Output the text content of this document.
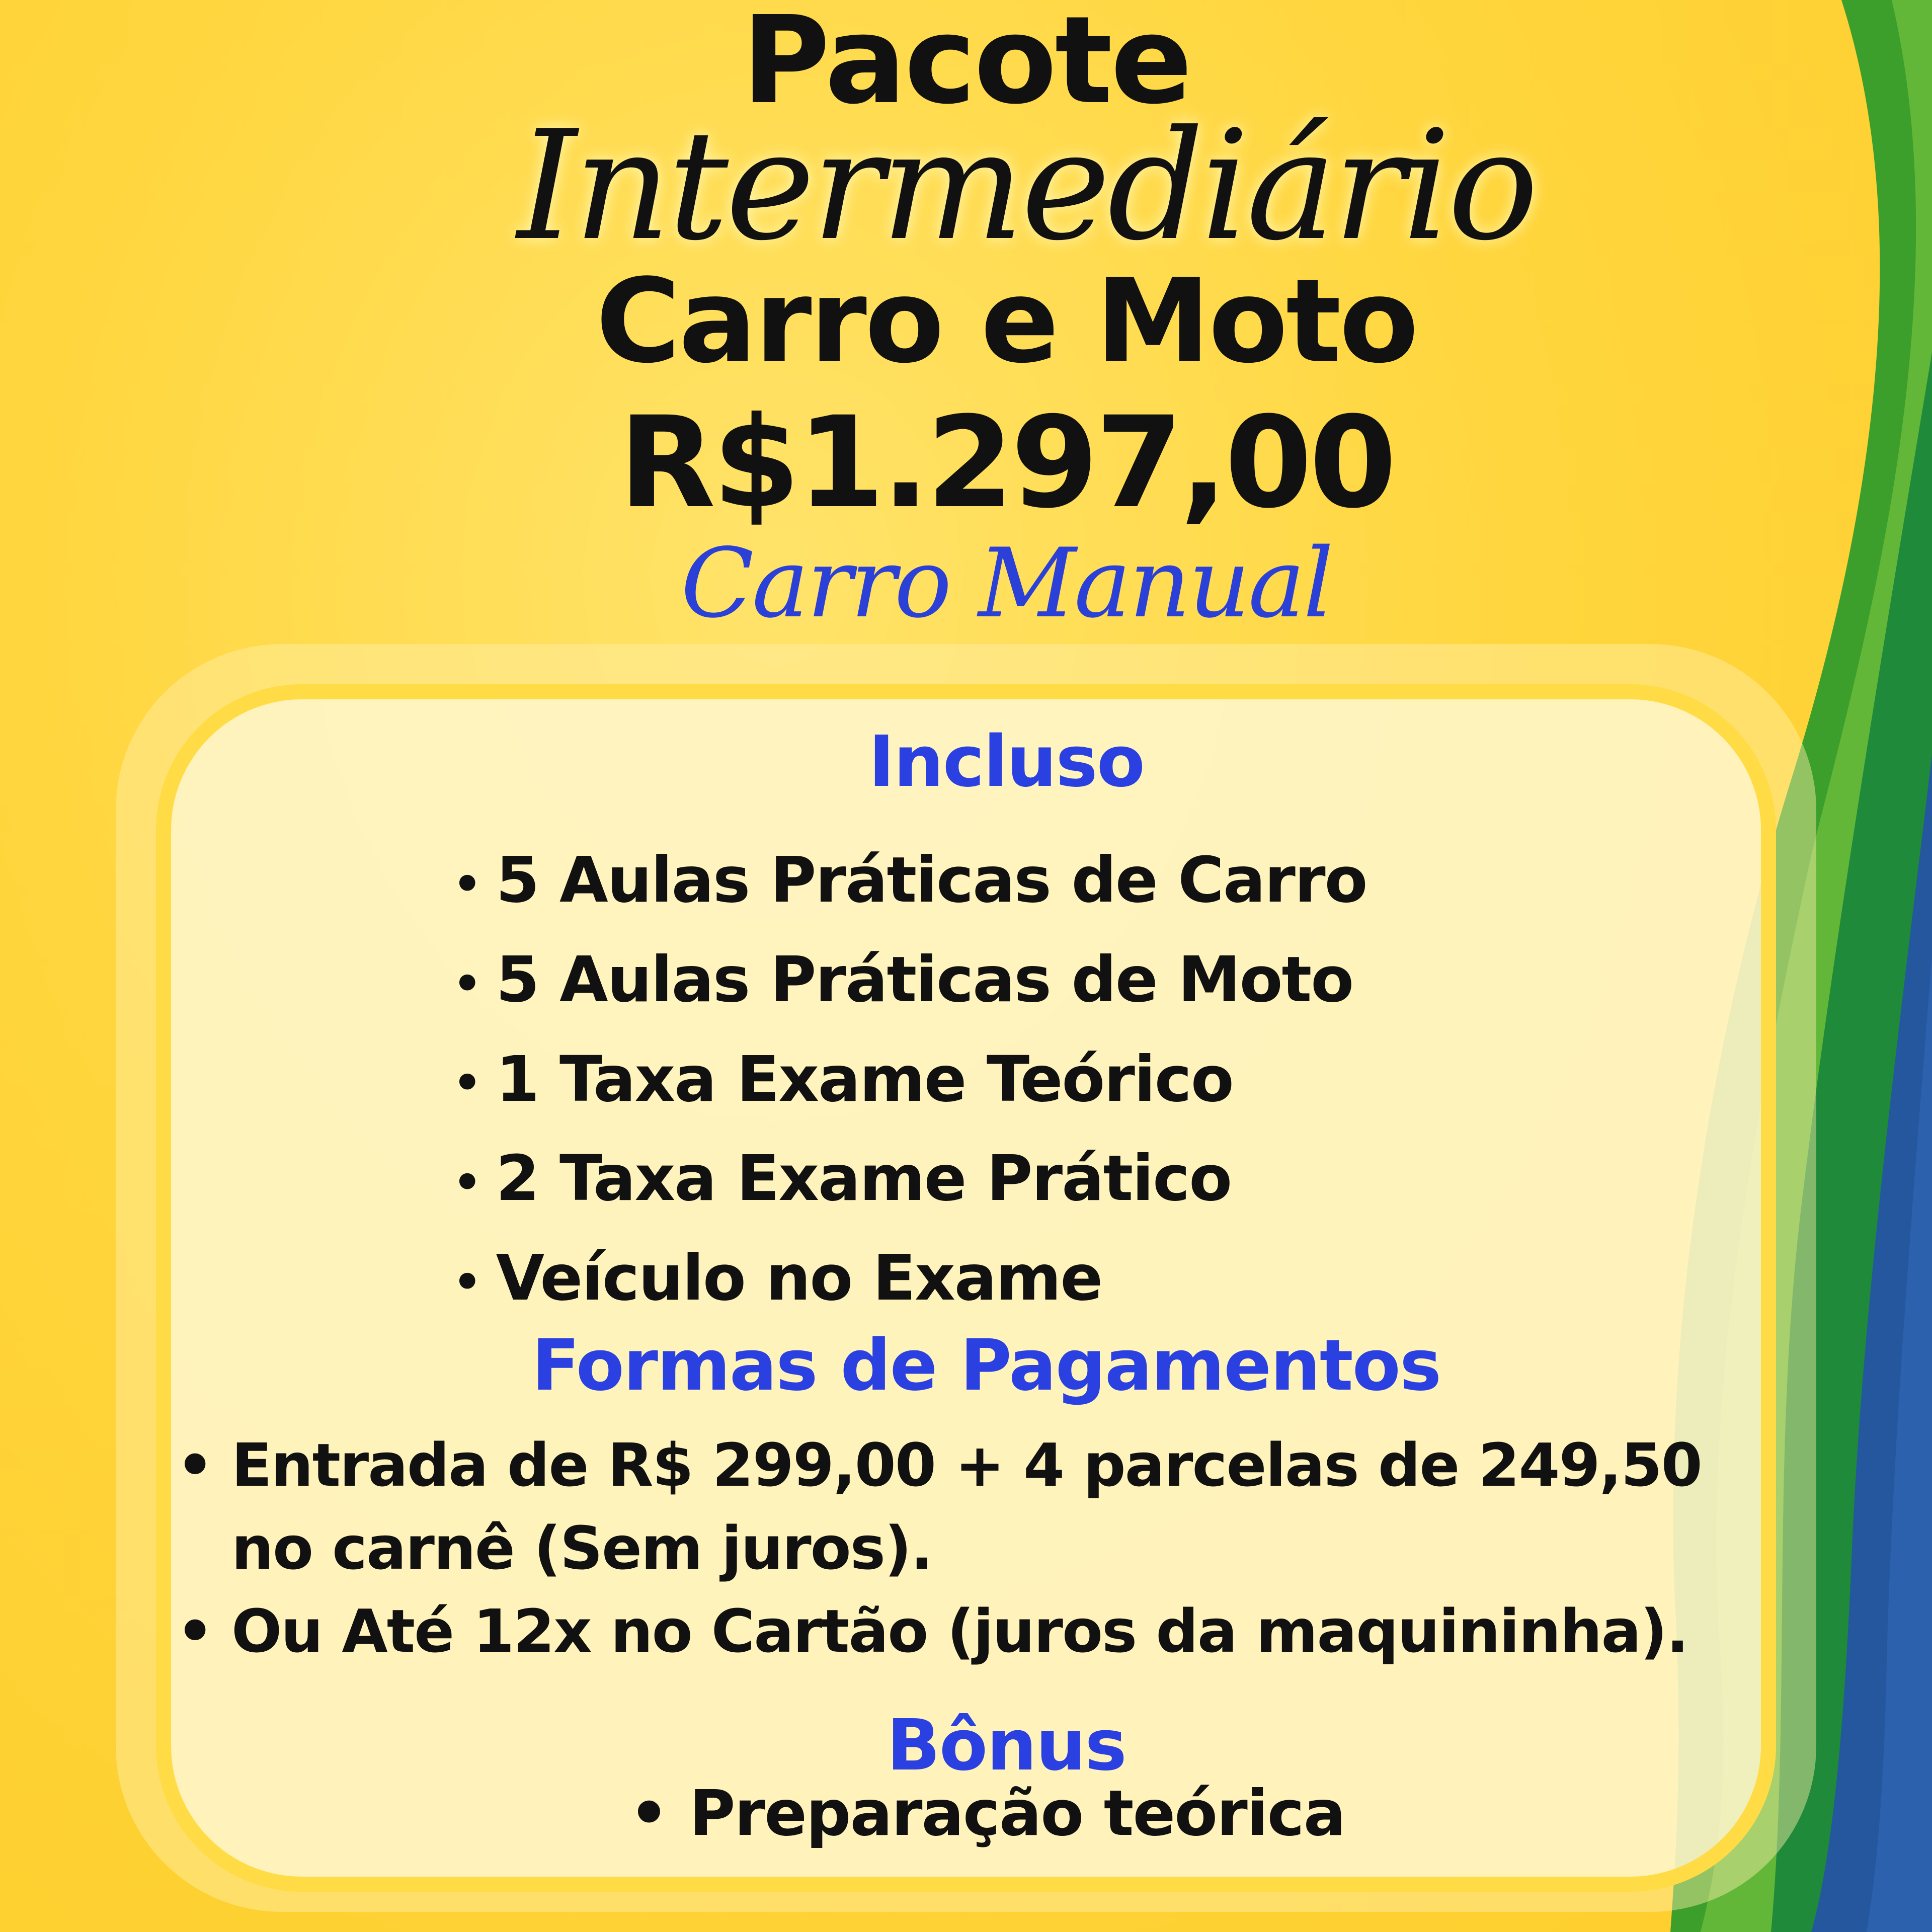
Pacote
Intermediário
Carro e Moto
R$1.297,00
Carro Manual
Incluso
• 5 Aulas Práticas de Carro
• 5 Aulas Práticas de Moto
• 1 Taxa Exame Teórico
• 2 Taxa Exame Prático
• Veículo no Exame
Formas de Pagamentos
• Entrada de R$ 299,00 + 4 parcelas de 249,50
no carnê (Sem juros).
• Ou Até 12x no Cartão (juros da maquininha).
Bônus
• Preparação teórica
